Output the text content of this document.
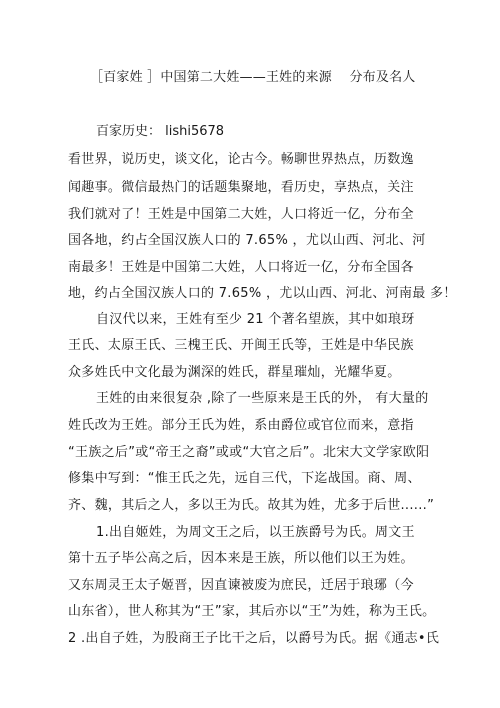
［百家姓 ］中国第二大姓——王姓的来源　 分布及名人
百家历史： lishi5678
看世界，说历史，谈文化，论古今。畅聊世界热点，历数逸
闻趣事。微信最热门的话题集聚地，看历史，享热点，关注
我们就对了！王姓是中国第二大姓，人口将近一亿，分布全
国各地，约占全国汉族人口的 7.65% ，尤以山西、河北、河
南最多！王姓是中国第二大姓，人口将近一亿，分布全国各
地，约占全国汉族人口的 7.65% ，尤以山西、河北、河南最 多！
自汉代以来，王姓有至少 21 个著名望族，其中如琅玡
王氏、太原王氏、三槐王氏、开闽王氏等，王姓是中华民族
众多姓氏中文化最为渊深的姓氏，群星璀灿，光耀华夏。
王姓的由来很复杂 ,除了一些原来是王氏的外， 有大量的
姓氏改为王姓。部分王氏为姓，系由爵位或官位而来，意指
“王族之后”或“帝王之裔”或或“大官之后”。北宋大文学家欧阳
修集中写到：“惟王氏之先，远自三代，下迄战国。商、周、
齐、魏，其后之人，多以王为氏。故其为姓，尤多于后世......”
1.出自姬姓，为周文王之后，以王族爵号为氏。周文王
第十五子毕公高之后，因本来是王族，所以他们以王为姓。
又东周灵王太子姬晋，因直谏被废为庶民，迁居于琅琊（今
山东省），世人称其为“王”家，其后亦以“王”为姓，称为王氏。
2 .出自子姓，为股商王子比干之后，以爵号为氏。据《通志•氏
